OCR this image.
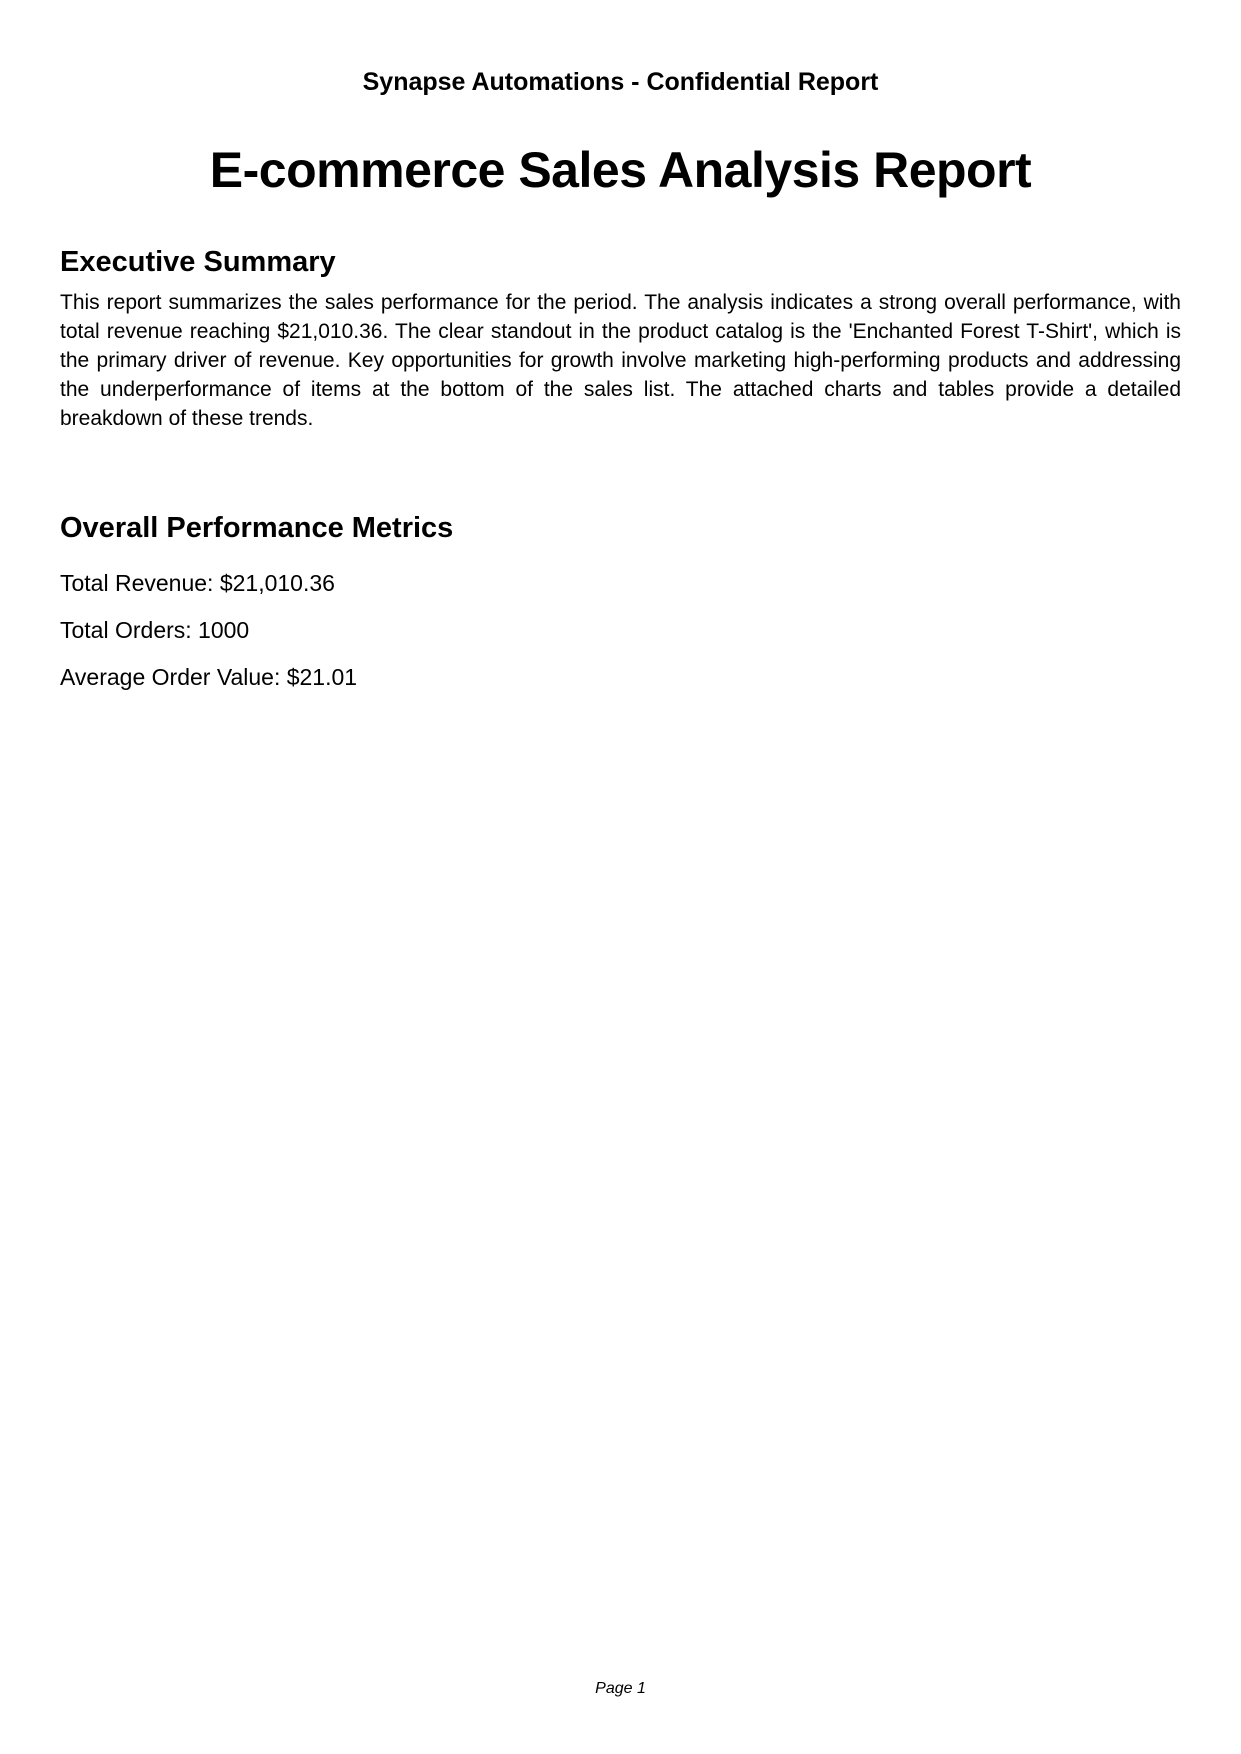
Synapse Automations - Confidential Report
E-commerce Sales Analysis Report
Executive Summary

This report summarizes the sales performance for the period. The analysis indicates a strong overall performance, with total revenue reaching $21,010.36. The clear standout in the product catalog is the 'Enchanted Forest T-Shirt', which is the primary driver of revenue. Key opportunities for growth involve marketing high-performing products and addressing the underperformance of items at the bottom of the sales list. The attached charts and tables provide a detailed breakdown of these trends.

Overall Performance Metrics

Total Revenue: $21,010.36

Total Orders: 1000

Average Order Value: $21.01

Page 1
